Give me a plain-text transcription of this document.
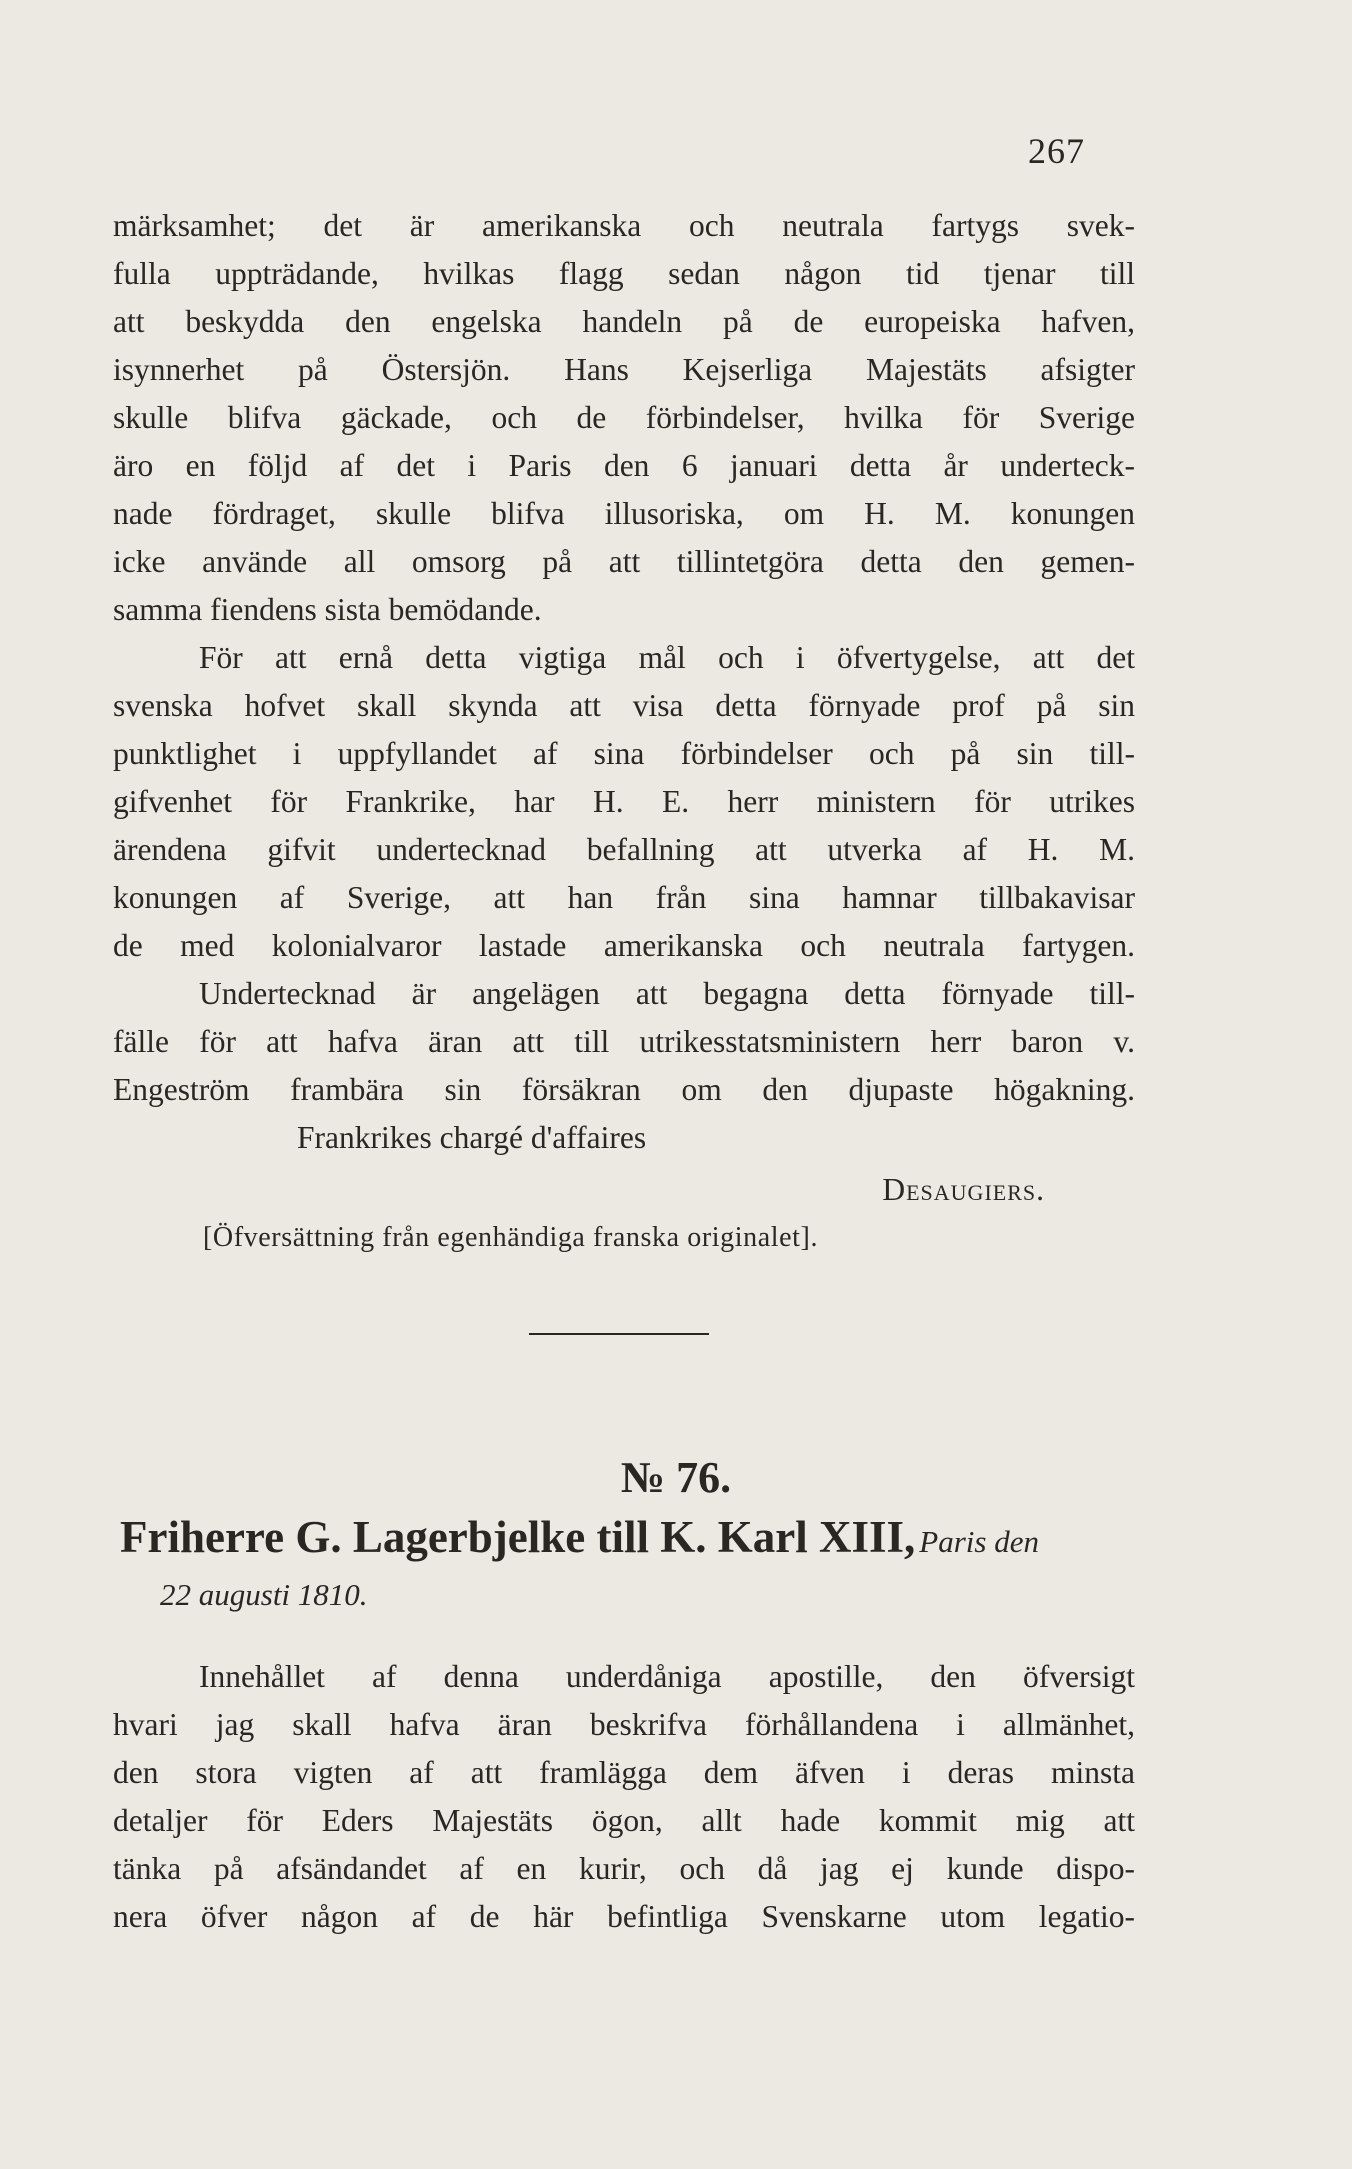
267
märksamhet; det är amerikanska och neutrala fartygs svek-
fulla uppträdande, hvilkas flagg sedan någon tid tjenar till
att beskydda den engelska handeln på de europeiska hafven,
isynnerhet på Östersjön. Hans Kejserliga Majestäts afsigter
skulle blifva gäckade, och de förbindelser, hvilka för Sverige
äro en följd af det i Paris den 6 januari detta år underteck-
nade fördraget, skulle blifva illusoriska, om H. M. konungen
icke använde all omsorg på att tillintetgöra detta den gemen-
samma fiendens sista bemödande.
För att ernå detta vigtiga mål och i öfvertygelse, att det
svenska hofvet skall skynda att visa detta förnyade prof på sin
punktlighet i uppfyllandet af sina förbindelser och på sin till-
gifvenhet för Frankrike, har H. E. herr ministern för utrikes
ärendena gifvit undertecknad befallning att utverka af H. M.
konungen af Sverige, att han från sina hamnar tillbakavisar
de med kolonialvaror lastade amerikanska och neutrala fartygen.
Undertecknad är angelägen att begagna detta förnyade till-
fälle för att hafva äran att till utrikesstatsministern herr baron v.
Engeström frambära sin försäkran om den djupaste högakning.
Frankrikes chargé d'affaires
Desaugiers.
[Öfversättning från egenhändiga franska originalet].
№ 76.
Friherre G. Lagerbjelke till K. Karl XIII, Paris den
22 augusti 1810.
Innehållet af denna underdåniga apostille, den öfversigt
hvari jag skall hafva äran beskrifva förhållandena i allmänhet,
den stora vigten af att framlägga dem äfven i deras minsta
detaljer för Eders Majestäts ögon, allt hade kommit mig att
tänka på afsändandet af en kurir, och då jag ej kunde dispo-
nera öfver någon af de här befintliga Svenskarne utom legatio-
